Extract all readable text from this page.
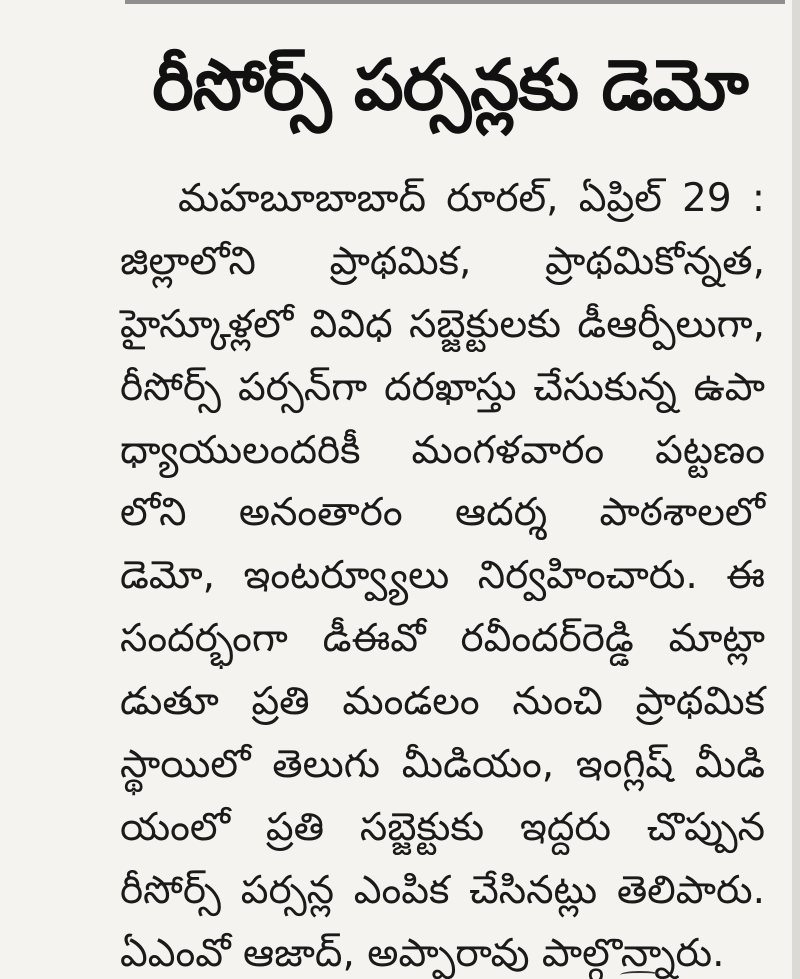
రీసోర్స్ పర్సన్లకు డెమో
మహబూబాబాద్ రూరల్, ఏప్రిల్ 29 :
జిల్లాలోని ప్రాథమిక, ప్రాథమికోన్నత,
హైస్కూళ్లలో వివిధ సబ్జెక్టులకు డీఆర్పీలుగా,
రీసోర్స్ పర్సన్‌గా దరఖాస్తు చేసుకున్న ఉపా
ధ్యాయులందరికీ మంగళవారం పట్టణం
లోని అనంతారం ఆదర్శ పాఠశాలలో
డెమో, ఇంటర్వ్యూలు నిర్వహించారు. ఈ
సందర్భంగా డీఈవో రవీందర్‌రెడ్డి మాట్లా
డుతూ ప్రతి మండలం నుంచి ప్రాథమిక
స్థాయిలో తెలుగు మీడియం, ఇంగ్లిష్ మీడి
యంలో ప్రతి సబ్జెక్టుకు ఇద్దరు చొప్పున
రీసోర్స్ పర్సన్ల ఎంపిక చేసినట్లు తెలిపారు.
ఏఎంవో ఆజాద్, అప్పారావు పాల్గొన్నారు.
